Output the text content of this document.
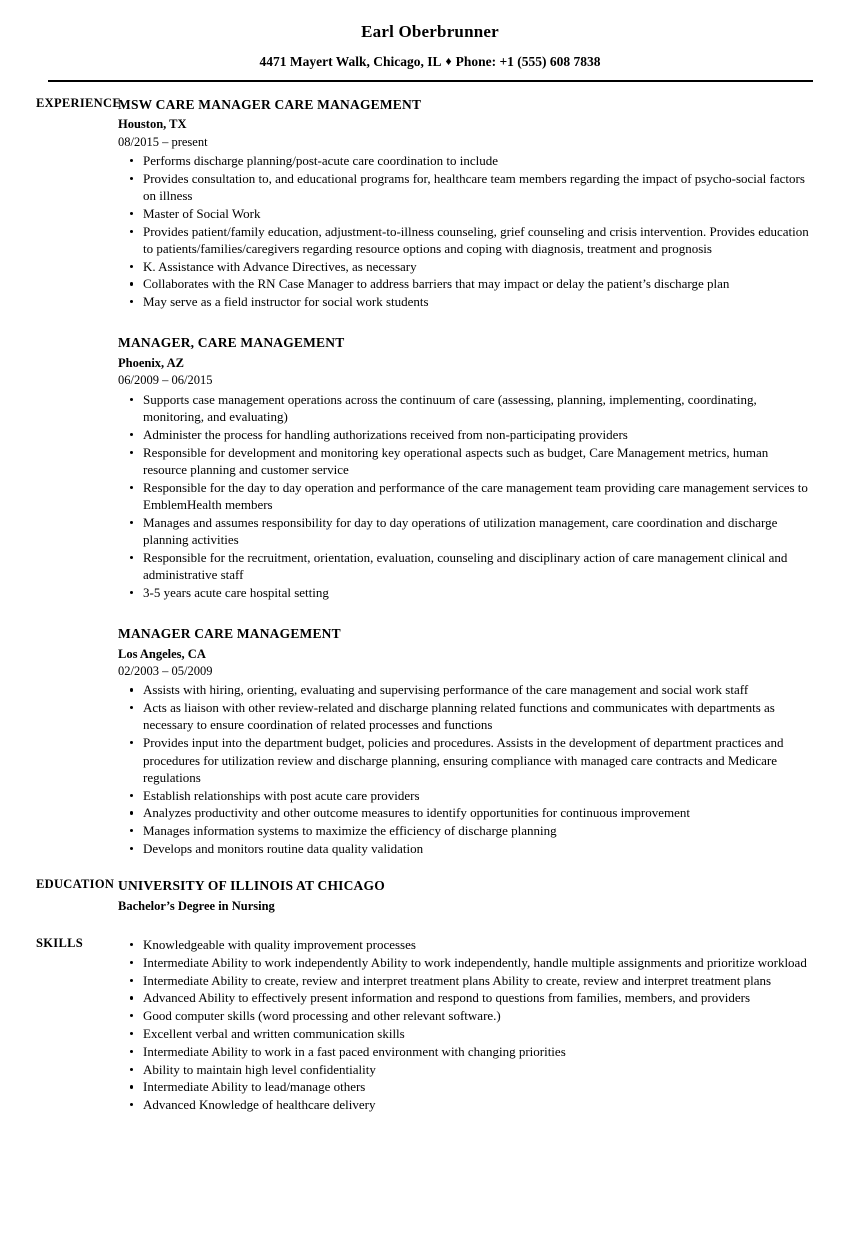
Earl Oberbrunner
4471 Mayert Walk, Chicago, IL ♦ Phone: +1 (555) 608 7838
EXPERIENCE
MSW CARE MANAGER CARE MANAGEMENT
Houston, TX
08/2015 – present
Performs discharge planning/post-acute care coordination to include
Provides consultation to, and educational programs for, healthcare team members regarding the impact of psycho-social factors on illness
Master of Social Work
Provides patient/family education, adjustment-to-illness counseling, grief counseling and crisis intervention. Provides education to patients/families/caregivers regarding resource options and coping with diagnosis, treatment and prognosis
K. Assistance with Advance Directives, as necessary
Collaborates with the RN Case Manager to address barriers that may impact or delay the patient’s discharge plan
May serve as a field instructor for social work students
MANAGER, CARE MANAGEMENT
Phoenix, AZ
06/2009 – 06/2015
Supports case management operations across the continuum of care (assessing, planning, implementing, coordinating, monitoring, and evaluating)
Administer the process for handling authorizations received from non-participating providers
Responsible for development and monitoring key operational aspects such as budget, Care Management metrics, human resource planning and customer service
Responsible for the day to day operation and performance of the care management team providing care management services to EmblemHealth members
Manages and assumes responsibility for day to day operations of utilization management, care coordination and discharge planning activities
Responsible for the recruitment, orientation, evaluation, counseling and disciplinary action of care management clinical and administrative staff
3-5 years acute care hospital setting
MANAGER CARE MANAGEMENT
Los Angeles, CA
02/2003 – 05/2009
Assists with hiring, orienting, evaluating and supervising performance of the care management and social work staff
Acts as liaison with other review-related and discharge planning related functions and communicates with departments as necessary to ensure coordination of related processes and functions
Provides input into the department budget, policies and procedures. Assists in the development of department practices and procedures for utilization review and discharge planning, ensuring compliance with managed care contracts and Medicare regulations
Establish relationships with post acute care providers
Analyzes productivity and other outcome measures to identify opportunities for continuous improvement
Manages information systems to maximize the efficiency of discharge planning
Develops and monitors routine data quality validation
EDUCATION UNIVERSITY OF ILLINOIS AT CHICAGO
Bachelor’s Degree in Nursing
SKILLS	Knowledgeable with quality improvement processes
Intermediate Ability to work independently Ability to work independently, handle multiple assignments and prioritize workload
Intermediate Ability to create, review and interpret treatment plans Ability to create, review and interpret treatment plans
Advanced Ability to effectively present information and respond to questions from families, members, and providers
Good computer skills (word processing and other relevant software.)
Excellent verbal and written communication skills
Intermediate Ability to work in a fast paced environment with changing priorities
Ability to maintain high level confidentiality
Intermediate Ability to lead/manage others
Advanced Knowledge of healthcare delivery
